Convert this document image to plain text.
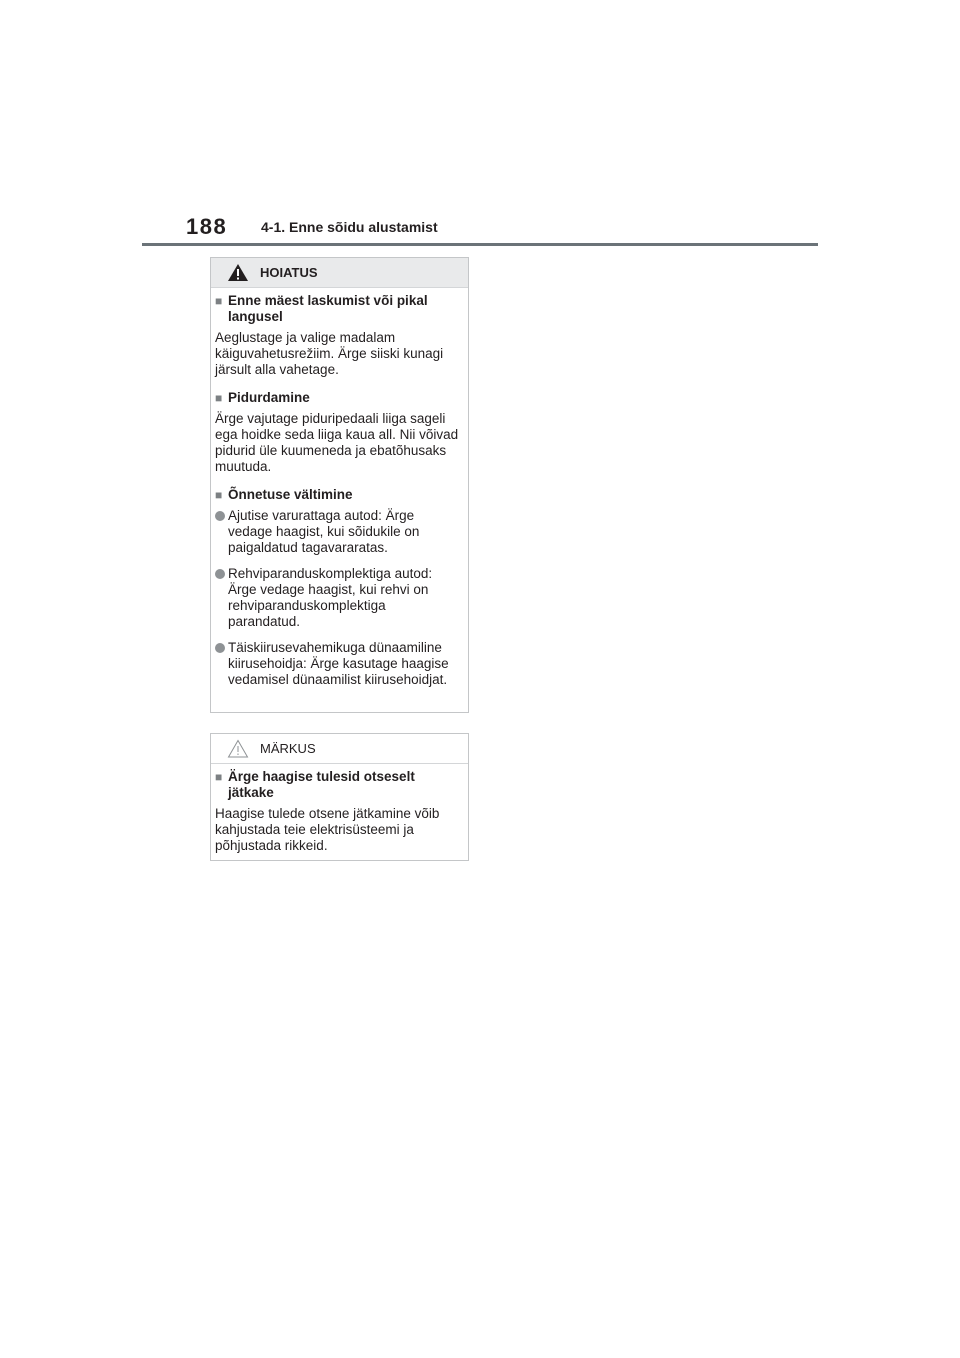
188 4-1. Enne sõidu alustamist
HOIATUS
■ Enne mäest laskumist või pikal langusel

Aeglustage ja valige madalam käiguvahetusrežiim. Ärge siiski kunagi järsult alla vahetage.

■ Pidurdamine

Ärge vajutage piduripedaali liiga sageli ega hoidke seda liiga kaua all. Nii võivad pidurid üle kuumeneda ja ebatõhusaks muutuda.

■ Õnnetuse vältimine
Ajutise varurattaga autod: Ärge vedage haagist, kui sõidukile on paigaldatud tagavararatas.
Rehviparanduskomplektiga autod: Ärge vedage haagist, kui rehvi on rehviparanduskomplektiga parandatud.
Täiskiirusevahemikuga dünaamiline kiirusehoidja: Ärge kasutage haagise vedamisel dünaamilist kiirusehoidjat.
MÄRKUS
■ Ärge haagise tulesid otseselt jätkake

Haagise tulede otsene jätkamine võib kahjustada teie elektrisüsteemi ja põhjustada rikkeid.
